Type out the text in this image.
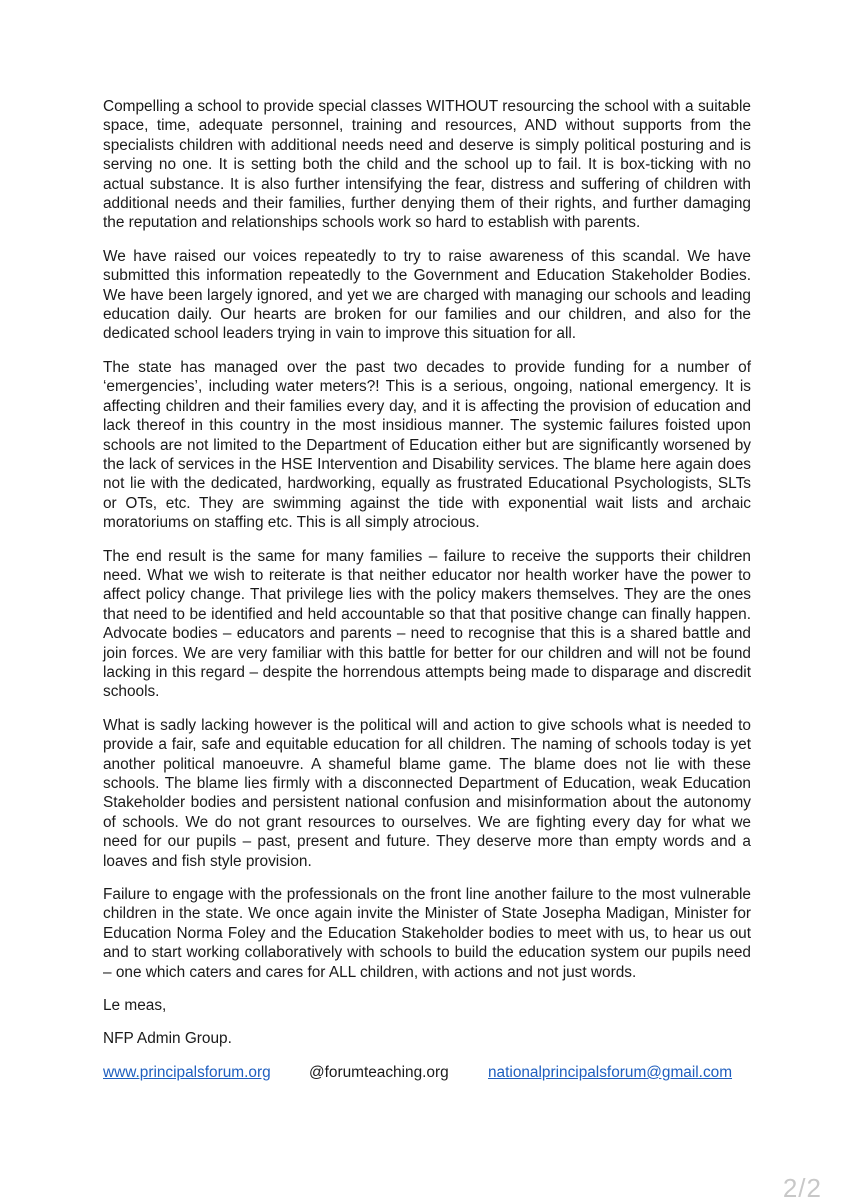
Compelling a school to provide special classes WITHOUT resourcing the school with a suitable space, time, adequate personnel, training and resources, AND without supports from the specialists children with additional needs need and deserve is simply political posturing and is serving no one. It is setting both the child and the school up to fail. It is box-ticking with no actual substance. It is also further intensifying the fear, distress and suffering of children with additional needs and their families, further denying them of their rights, and further damaging the reputation and relationships schools work so hard to establish with parents.

We have raised our voices repeatedly to try to raise awareness of this scandal. We have submitted this information repeatedly to the Government and Education Stakeholder Bodies. We have been largely ignored, and yet we are charged with managing our schools and leading education daily. Our hearts are broken for our families and our children, and also for the dedicated school leaders trying in vain to improve this situation for all.

The state has managed over the past two decades to provide funding for a number of ‘emergencies’, including water meters?! This is a serious, ongoing, national emergency. It is affecting children and their families every day, and it is affecting the provision of education and lack thereof in this country in the most insidious manner. The systemic failures foisted upon schools are not limited to the Department of Education either but are significantly worsened by the lack of services in the HSE Intervention and Disability services. The blame here again does not lie with the dedicated, hardworking, equally as frustrated Educational Psychologists, SLTs or OTs, etc. They are swimming against the tide with exponential wait lists and archaic moratoriums on staffing etc. This is all simply atrocious.

The end result is the same for many families – failure to receive the supports their children need. What we wish to reiterate is that neither educator nor health worker have the power to affect policy change. That privilege lies with the policy makers themselves. They are the ones that need to be identified and held accountable so that that positive change can finally happen. Advocate bodies – educators and parents – need to recognise that this is a shared battle and join forces. We are very familiar with this battle for better for our children and will not be found lacking in this regard – despite the horrendous attempts being made to disparage and discredit schools.

What is sadly lacking however is the political will and action to give schools what is needed to provide a fair, safe and equitable education for all children. The naming of schools today is yet another political manoeuvre. A shameful blame game. The blame does not lie with these schools. The blame lies firmly with a disconnected Department of Education, weak Education Stakeholder bodies and persistent national confusion and misinformation about the autonomy of schools. We do not grant resources to ourselves. We are fighting every day for what we need for our pupils – past, present and future. They deserve more than empty words and a loaves and fish style provision.

Failure to engage with the professionals on the front line another failure to the most vulnerable children in the state. We once again invite the Minister of State Josepha Madigan, Minister for Education Norma Foley and the Education Stakeholder bodies to meet with us, to hear us out and to start working collaboratively with schools to build the education system our pupils need – one which caters and cares for ALL children, with actions and not just words.

Le meas,

NFP Admin Group.

www.principalsforum.org @forumteaching.org	nationalprincipalsforum@gmail.com
2/2
